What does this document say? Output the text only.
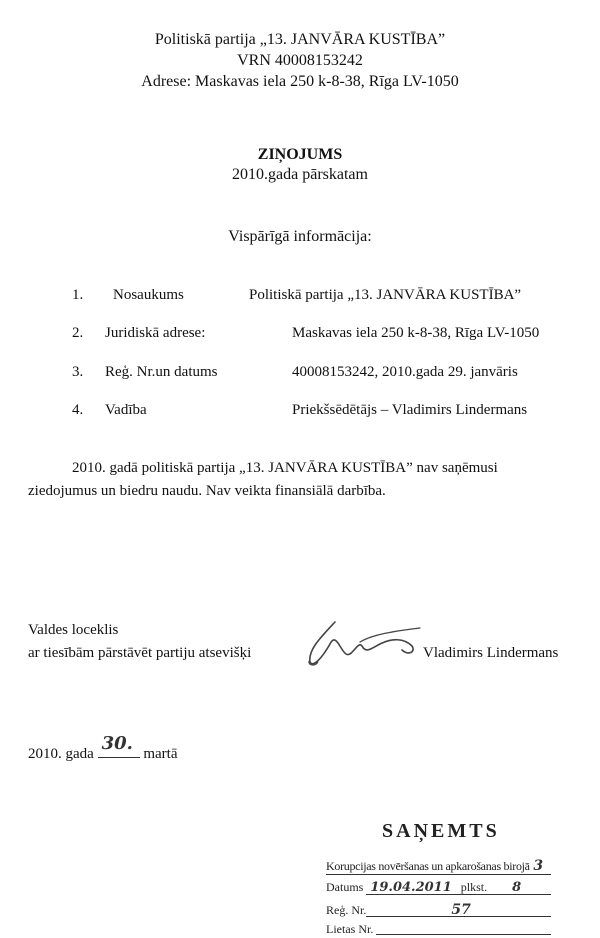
Politiskā partija „13. JANVĀRA KUSTĪBA”
VRN 40008153242
Adrese: Maskavas iela 250 k-8-38, Rīga LV-1050
ZIŅOJUMS
2010.gada pārskatam
Vispārīgā informācija:
1. Nosaukums	Politiskā partija „13. JANVĀRA KUSTĪBA”
2. Juridiskā adrese:	Maskavas iela 250 k-8-38, Rīga LV-1050
3. Reģ. Nr.un datums	40008153242, 2010.gada 29. janvāris
4. Vadība	Priekšsēdētājs – Vladimirs Lindermans
2010. gadā politiskā partija „13. JANVĀRA KUSTĪBA” nav saņēmusi
ziedojumus un biedru naudu. Nav veikta finansiālā darbība.
Valdes loceklis
ar tiesībām pārstāvēt partiju atsevišķi	Vladimirs Lindermans
2010. gada 30. martā
SAŅEMTS
Korupcijas novēršanas un apkarošanas birojā 3
Datums 19.04.2011 plkst. 8
Reģ. Nr.	57
Lietas Nr.
